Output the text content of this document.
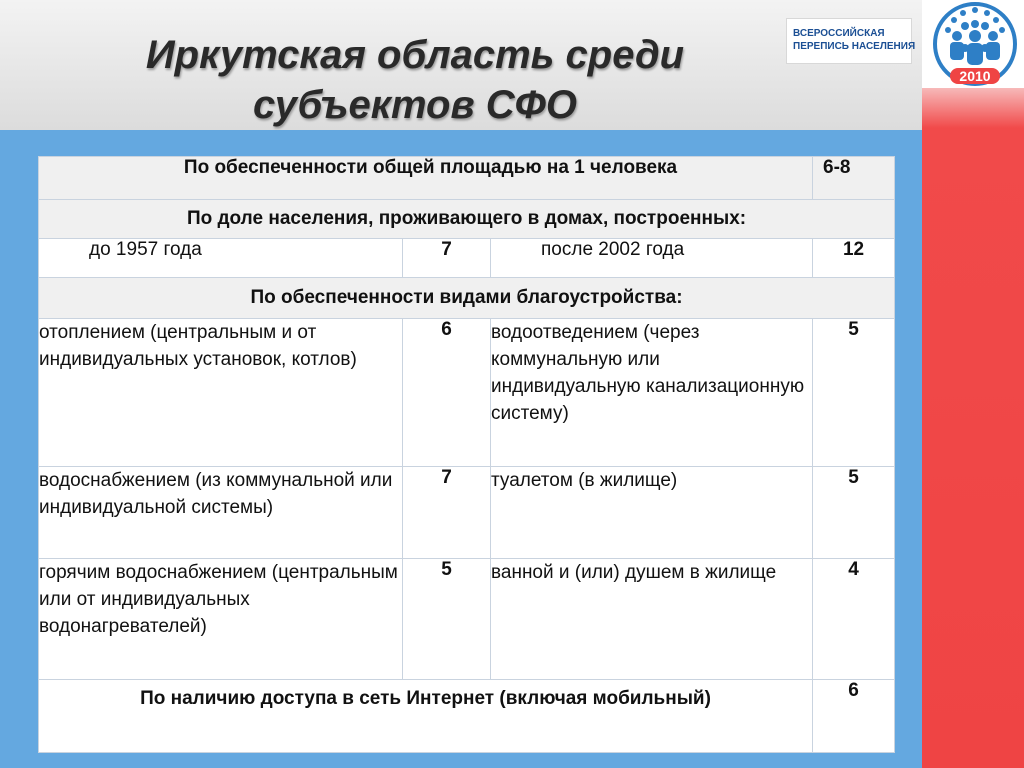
Иркутская область среди
субъектов СФО
ВСЕРОССИЙСКАЯ
ПЕРЕПИСЬ НАСЕЛЕНИЯ
2010
По обеспеченности общей площадью на 1 человека			6-8
По доле населения, проживающего в домах, построенных:			
до 1957 года	7	после 2002 года	12
По обеспеченности видами благоустройства:			
отоплением (центральным и от индивидуальных установок, котлов)	6	водоотведением (через коммунальную или индивидуальную канализационную систему)	5
водоснабжением (из коммунальной или индивидуальной системы)	7	туалетом (в жилище)	5
горячим водоснабжением (центральным или от индивидуальных водонагревателей)	5	ванной и (или) душем в жилище	4
По наличию доступа в сеть Интернет (включая мобильный)			6
